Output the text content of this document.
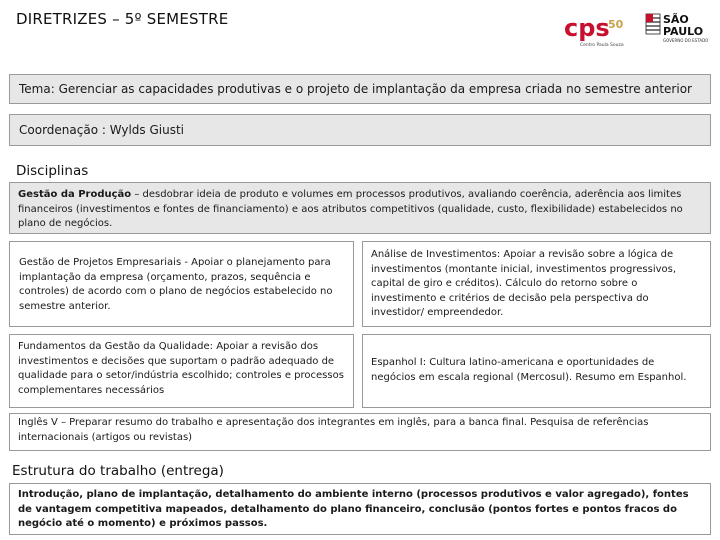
DIRETRIZES – 5º SEMESTRE	cps
50
Centro Paula Souza
SÃO
PAULO
GOVERNO DO ESTADO
Tema: Gerenciar as capacidades produtivas e o projeto de implantação da empresa criada no semestre anterior
Coordenação : Wylds Giusti
Disciplinas
Gestão da Produção – desdobrar ideia de produto e volumes em processos produtivos, avaliando coerência, aderência aos limites financeiros (investimentos e fontes de financiamento) e aos atributos competitivos (qualidade, custo, flexibilidade) estabelecidos no plano de negócios.
Gestão de Projetos Empresariais - Apoiar o planejamento para implantação da empresa (orçamento, prazos, sequência e controles) de acordo com o plano de negócios estabelecido no semestre anterior.
Análise de Investimentos: Apoiar a revisão sobre a lógica de investimentos (montante inicial, investimentos progressivos, capital de giro e créditos). Cálculo do retorno sobre o investimento e critérios de decisão pela perspectiva do investidor/ empreendedor.
Fundamentos da Gestão da Qualidade: Apoiar a revisão dos investimentos e decisões que suportam o padrão adequado de qualidade para o setor/indústria escolhido; controles e processos complementares necessários
Espanhol I: Cultura latino-americana e oportunidades de negócios em escala regional (Mercosul). Resumo em Espanhol.
Inglês V – Preparar resumo do trabalho e apresentação dos integrantes em inglês, para a banca final. Pesquisa de referências internacionais (artigos ou revistas)
Estrutura do trabalho (entrega)
Introdução, plano de implantação, detalhamento do ambiente interno (processos produtivos e valor agregado), fontes de vantagem competitiva mapeados, detalhamento do plano financeiro, conclusão (pontos fortes e pontos fracos do negócio até o momento) e próximos passos.
